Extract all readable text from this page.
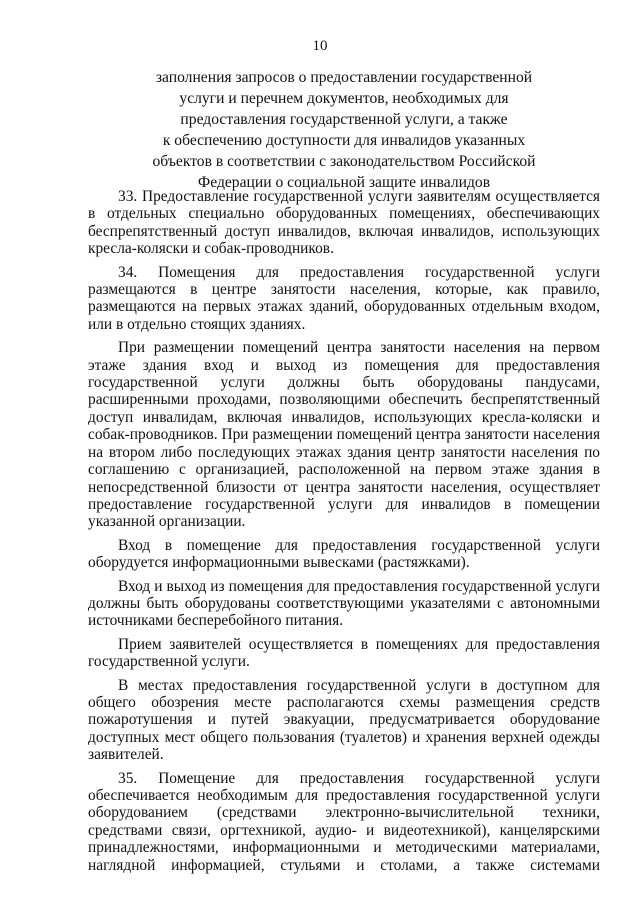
10
заполнения запросов о предоставлении государственной
услуги и перечнем документов, необходимых для
предоставления государственной услуги, а также
к обеспечению доступности для инвалидов указанных
объектов в соответствии с законодательством Российской
Федерации о социальной защите инвалидов
33. Предоставление государственной услуги заявителям осуществляется
в отдельных специально оборудованных помещениях, обеспечивающих
беспрепятственный доступ инвалидов, включая инвалидов, использующих
кресла-коляски и собак-проводников.
34. Помещения для предоставления государственной услуги
размещаются в центре занятости населения, которые, как правило,
размещаются на первых этажах зданий, оборудованных отдельным входом,
или в отдельно стоящих зданиях.
При размещении помещений центра занятости населения на первом
этаже здания вход и выход из помещения для предоставления
государственной услуги должны быть оборудованы пандусами,
расширенными проходами, позволяющими обеспечить беспрепятственный
доступ инвалидам, включая инвалидов, использующих кресла-коляски и
собак-проводников. При размещении помещений центра занятости населения
на втором либо последующих этажах здания центр занятости населения по
соглашению с организацией, расположенной на первом этаже здания в
непосредственной близости от центра занятости населения, осуществляет
предоставление государственной услуги для инвалидов в помещении
указанной организации.
Вход в помещение для предоставления государственной услуги
оборудуется информационными вывесками (растяжками).
Вход и выход из помещения для предоставления государственной услуги
должны быть оборудованы соответствующими указателями с автономными
источниками бесперебойного питания.
Прием заявителей осуществляется в помещениях для предоставления
государственной услуги.
В местах предоставления государственной услуги в доступном для
общего обозрения месте располагаются схемы размещения средств
пожаротушения и путей эвакуации, предусматривается оборудование
доступных мест общего пользования (туалетов) и хранения верхней одежды
заявителей.
35. Помещение для предоставления государственной услуги
обеспечивается необходимым для предоставления государственной услуги
оборудованием (средствами электронно-вычислительной техники,
средствами связи, оргтехникой, аудио- и видеотехникой), канцелярскими
принадлежностями, информационными и методическими материалами,
наглядной информацией, стульями и столами, а также системами
